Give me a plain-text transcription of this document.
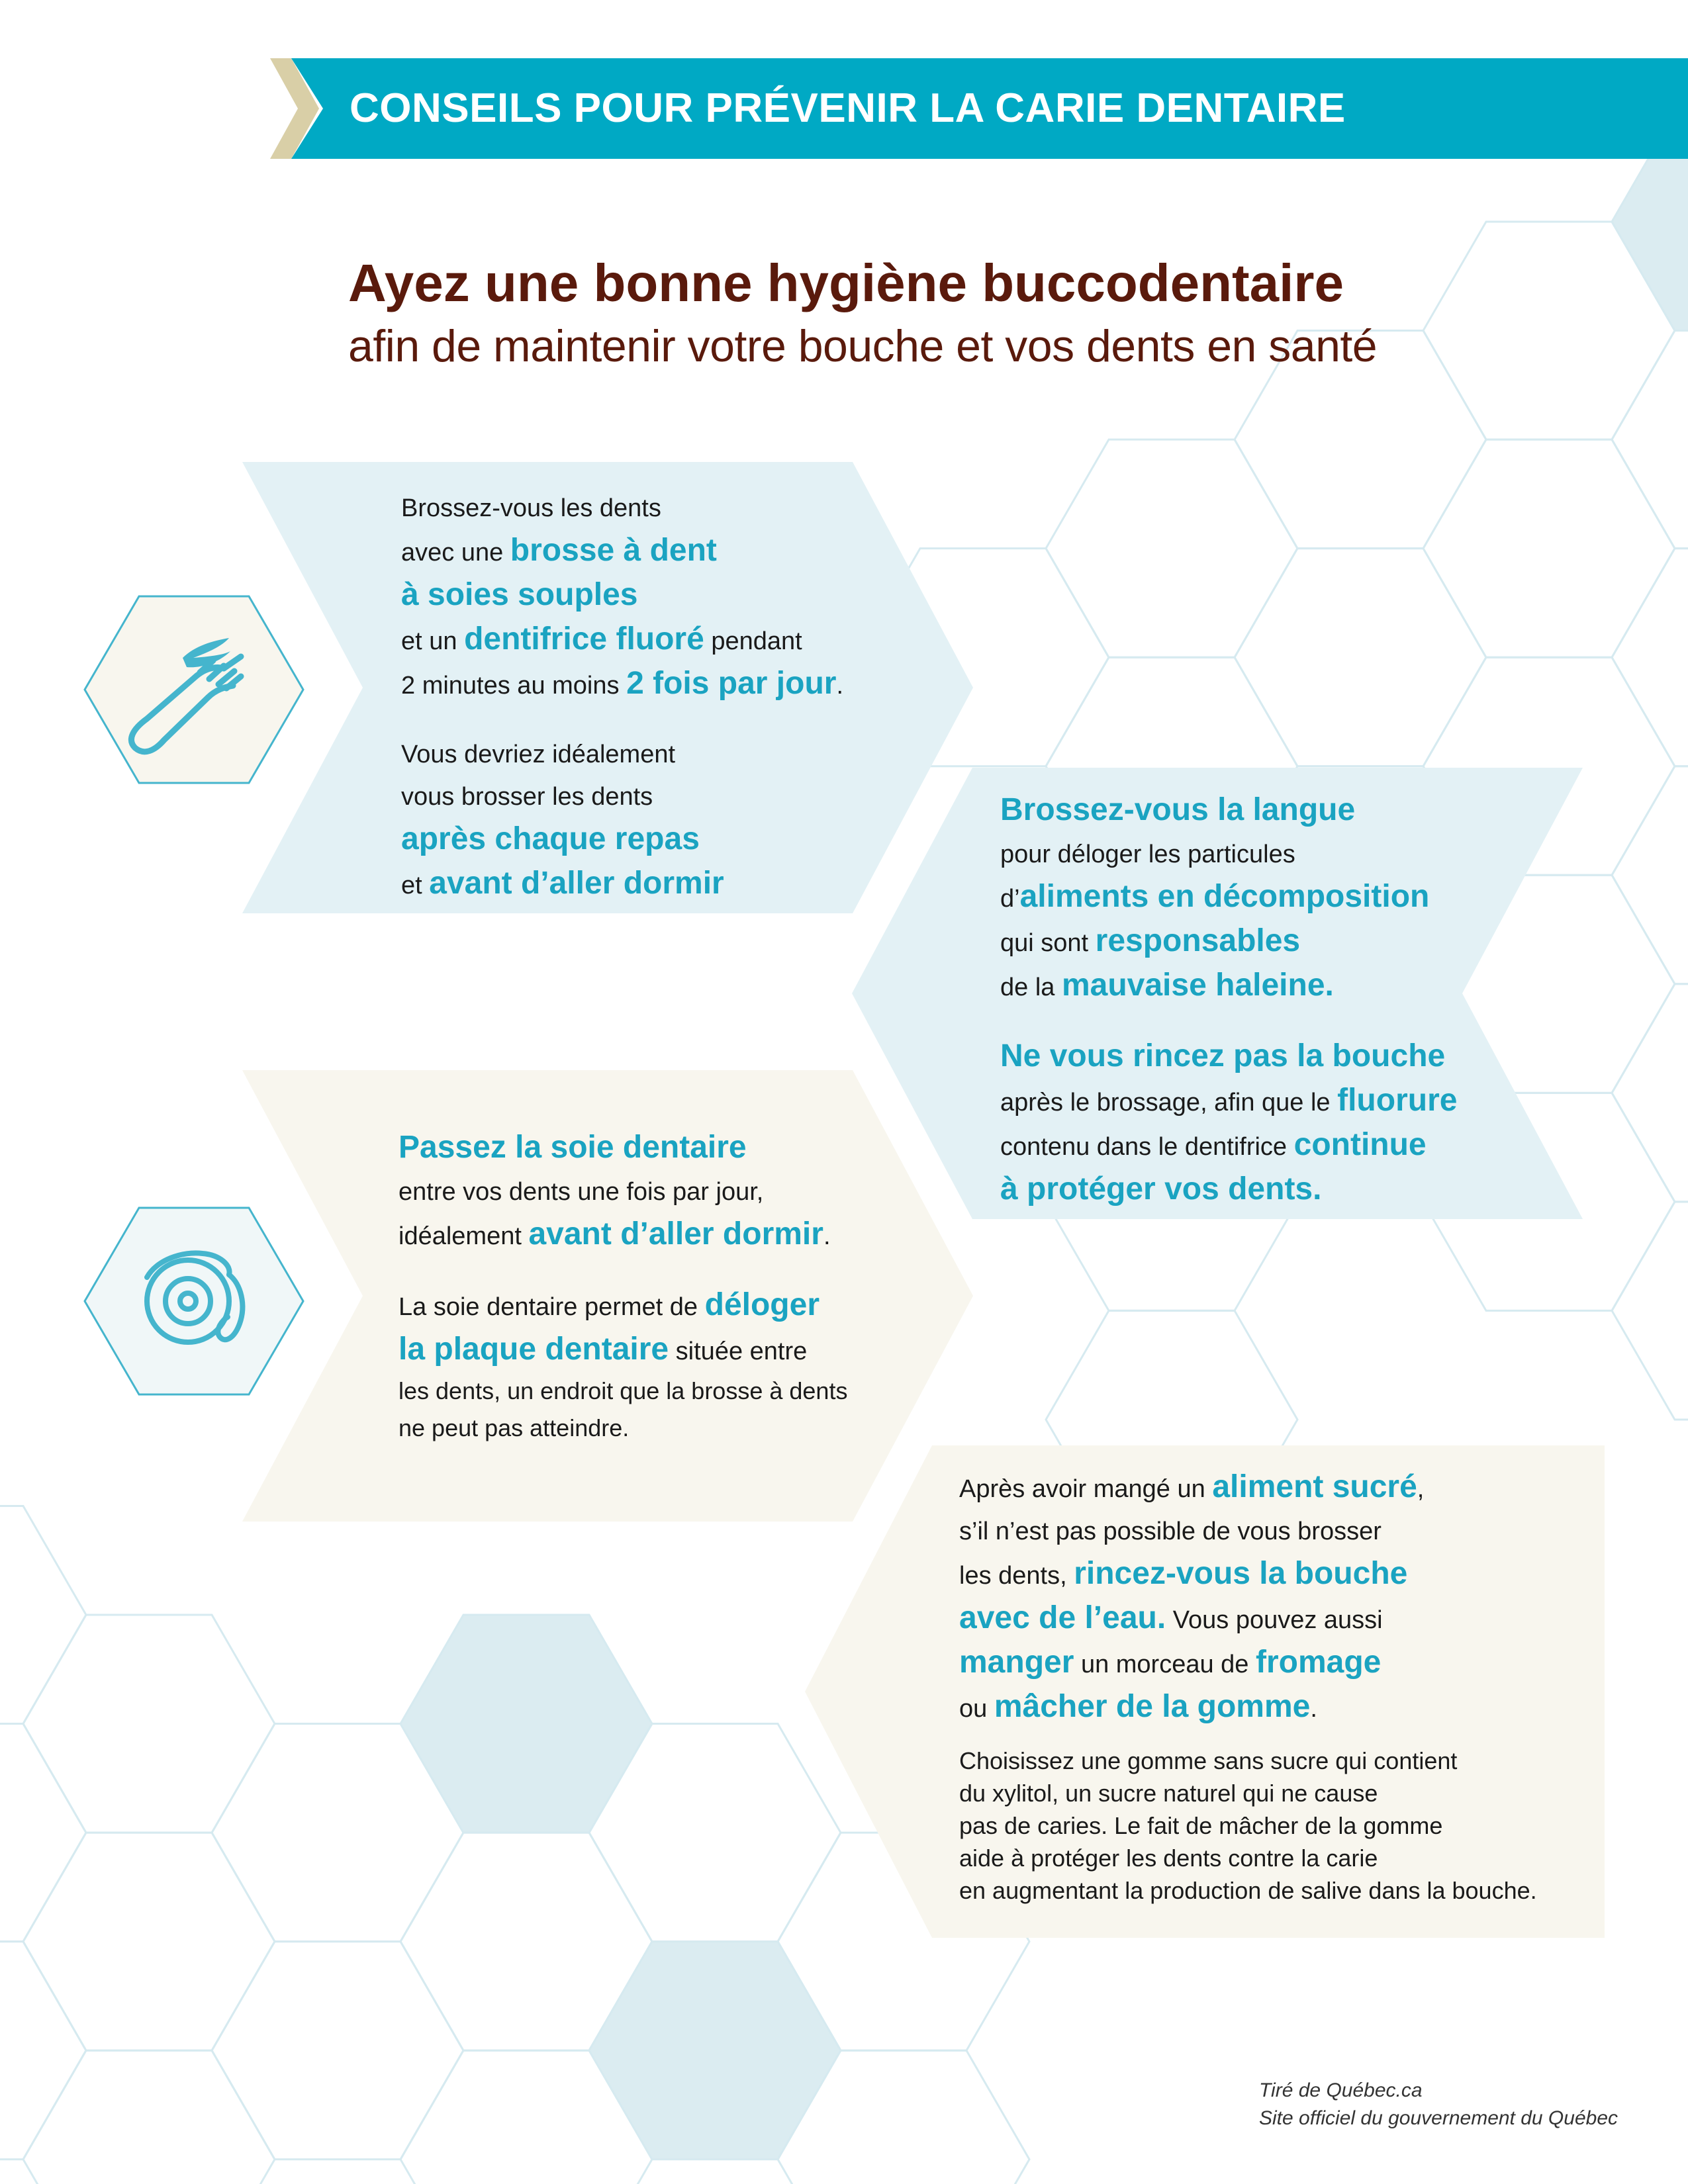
CONSEILS POUR PRÉVENIR LA CARIE DENTAIRE
Ayez une bonne hygiène buccodentaire
afin de maintenir votre bouche et vos dents en santé

Brossez-vous les dents

avec une brosse à dent

à soies souples

et un dentifrice fluoré pendant

2 minutes au moins 2 fois par jour.

Vous devriez idéalement

vous brosser les dents

après chaque repas

et avant d’aller dormir

Brossez-vous la langue

pour déloger les particules

d’aliments en décomposition

qui sont responsables

de la mauvaise haleine.

Ne vous rincez pas la bouche

après le brossage, afin que le fluorure

contenu dans le dentifrice continue

à protéger vos dents.

Passez la soie dentaire

entre vos dents une fois par jour,

idéalement avant d’aller dormir.

La soie dentaire permet de déloger

la plaque dentaire située entre

les dents, un endroit que la brosse à dents

ne peut pas atteindre.

Après avoir mangé un aliment sucré,

s’il n’est pas possible de vous brosser

les dents, rincez-vous la bouche

avec de l’eau. Vous pouvez aussi

manger un morceau de fromage

ou mâcher de la gomme.

Choisissez une gomme sans sucre qui contient

du xylitol, un sucre naturel qui ne cause

pas de caries. Le fait de mâcher de la gomme

aide à protéger les dents contre la carie

en augmentant la production de salive dans la bouche.

Tiré de Québec.ca
Site officiel du gouvernement du Québec
